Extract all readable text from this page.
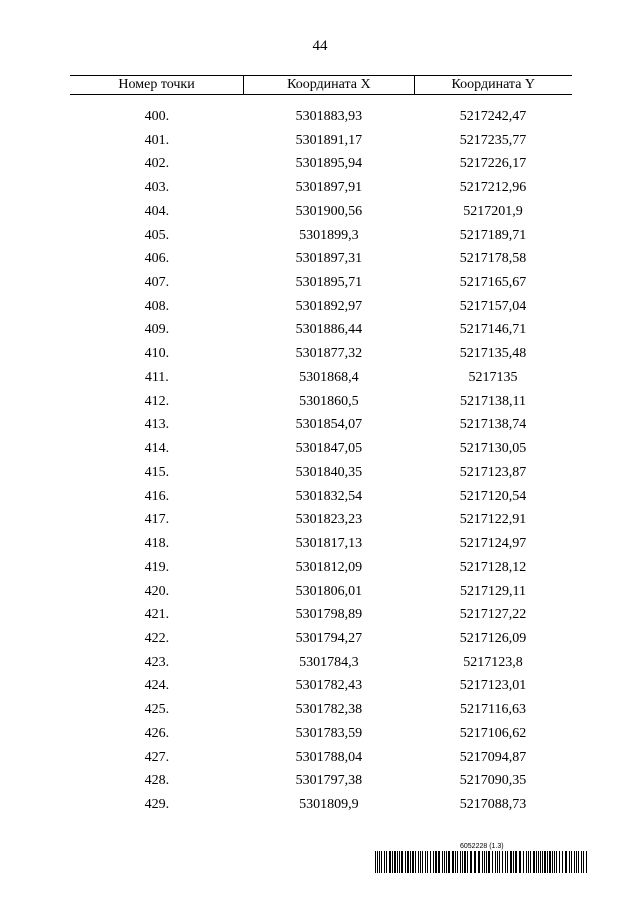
44
Номер точки	Координата X	Координата Y

400.	5301883,93	5217242,47
401.	5301891,17	5217235,77
402.	5301895,94	5217226,17
403.	5301897,91	5217212,96
404.	5301900,56	5217201,9
405.	5301899,3	5217189,71
406.	5301897,31	5217178,58
407.	5301895,71	5217165,67
408.	5301892,97	5217157,04
409.	5301886,44	5217146,71
410.	5301877,32	5217135,48
411.	5301868,4	5217135
412.	5301860,5	5217138,11
413.	5301854,07	5217138,74
414.	5301847,05	5217130,05
415.	5301840,35	5217123,87
416.	5301832,54	5217120,54
417.	5301823,23	5217122,91
418.	5301817,13	5217124,97
419.	5301812,09	5217128,12
420.	5301806,01	5217129,11
421.	5301798,89	5217127,22
422.	5301794,27	5217126,09
423.	5301784,3	5217123,8
424.	5301782,43	5217123,01
425.	5301782,38	5217116,63
426.	5301783,59	5217106,62
427.	5301788,04	5217094,87
428.	5301797,38	5217090,35
429.	5301809,9	5217088,73
6052228 (1.3)
